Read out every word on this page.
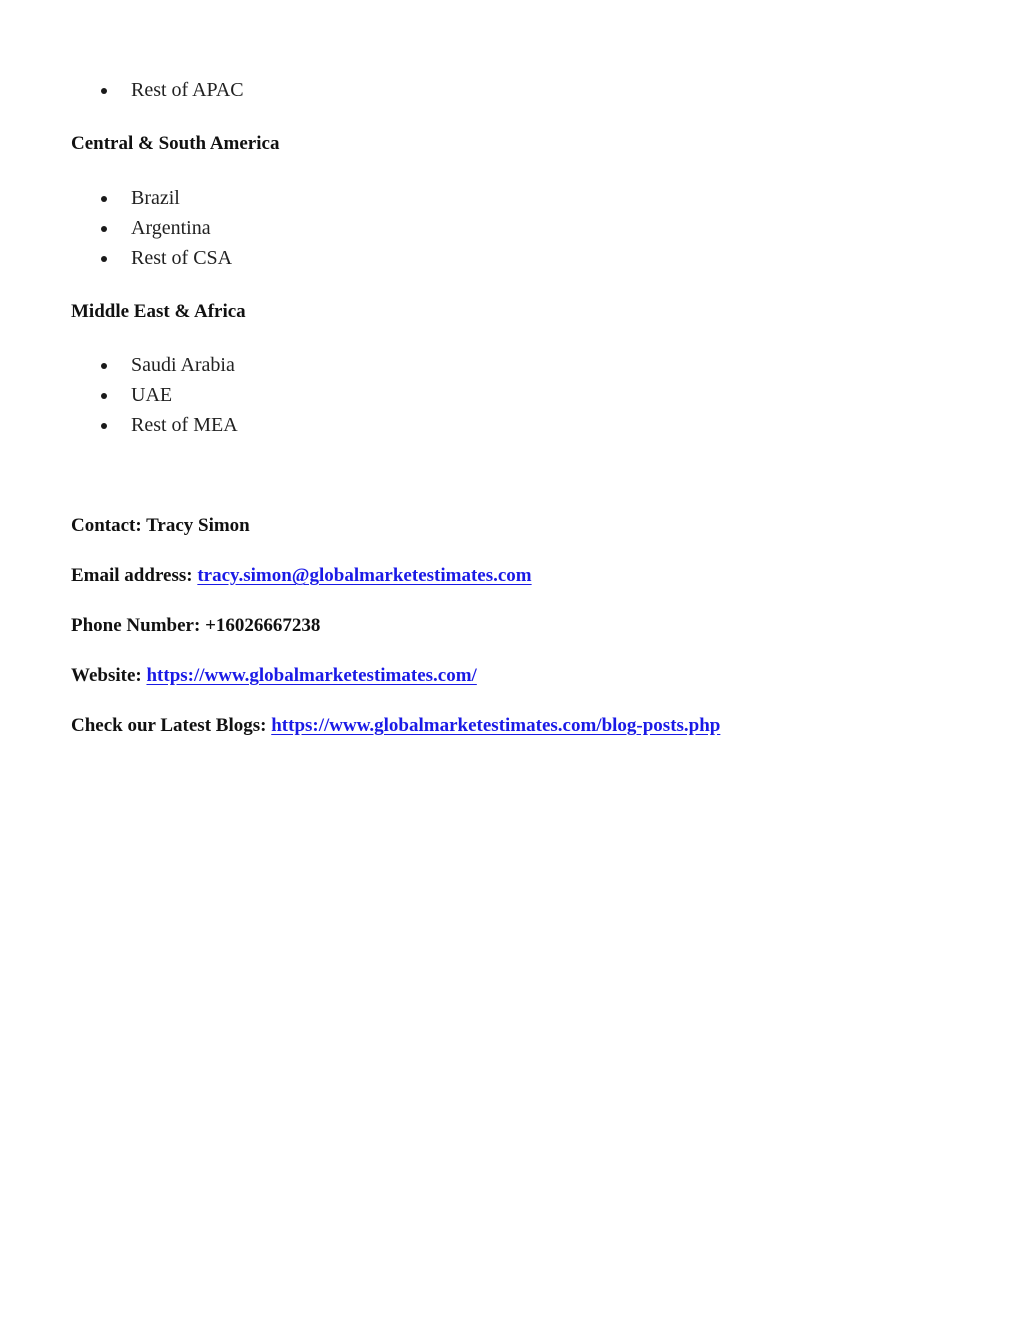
Rest of APAC

Central & South America

Brazil
Argentina
Rest of CSA

Middle East & Africa

Saudi Arabia
UAE
Rest of MEA

Contact: Tracy Simon

Email address: tracy.simon@globalmarketestimates.com

Phone Number: +16026667238

Website: https://www.globalmarketestimates.com/

Check our Latest Blogs: https://www.globalmarketestimates.com/blog-posts.php
